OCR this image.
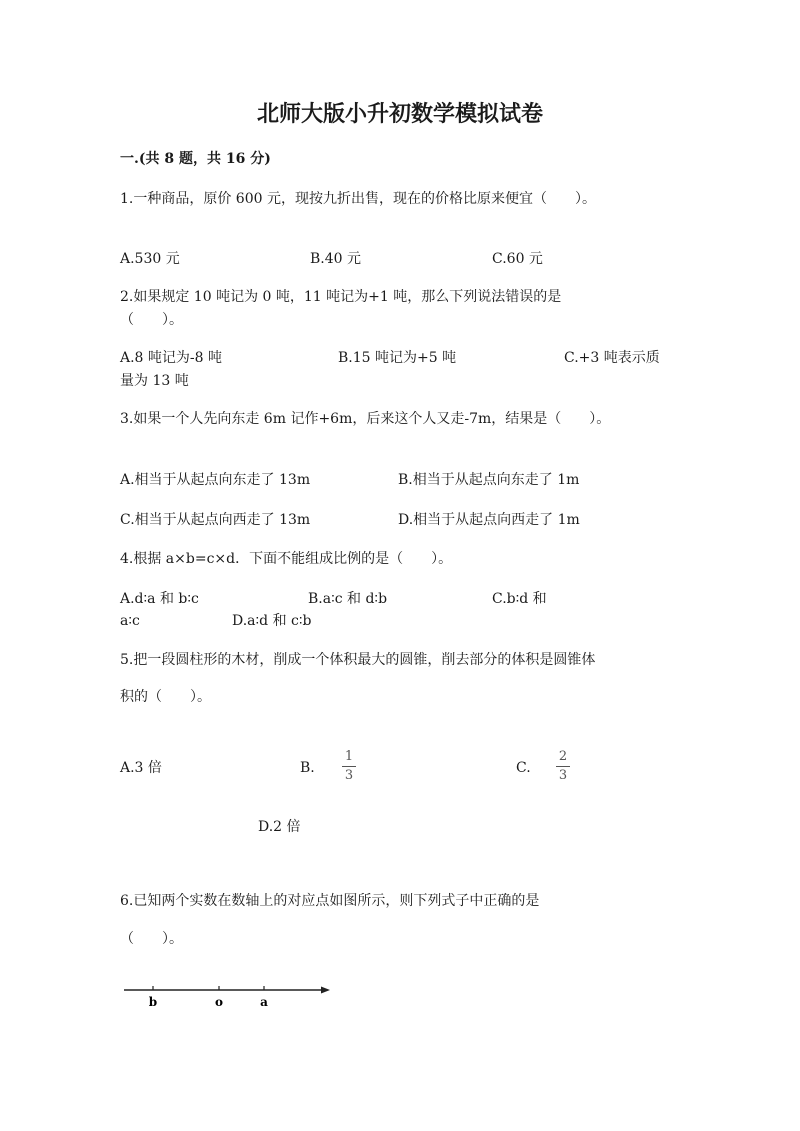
北师大版小升初数学模拟试卷
一.(共 8 题，共 16 分)
1.一种商品，原价 600 元，现按九折出售，现在的价格比原来便宜（　　）。
A.530 元	B.40 元	C.60 元
2.如果规定 10 吨记为 0 吨，11 吨记为+1 吨，那么下列说法错误的是
（　　）。
A.8 吨记为-8 吨	B.15 吨记为+5 吨	C.+3 吨表示质
量为 13 吨
3.如果一个人先向东走 6m 记作+6m，后来这个人又走-7m，结果是（　　）。
A.相当于从起点向东走了 13m	B.相当于从起点向东走了 1m
C.相当于从起点向西走了 13m	D.相当于从起点向西走了 1m
4.根据 a×b=c×d．下面不能组成比例的是（　　）。
A.d∶a 和 b∶c	B.a∶c 和 d∶b	C.b∶d 和
a∶c	D.a∶d 和 c∶b
5.把一段圆柱形的木材，削成一个体积最大的圆锥，削去部分的体积是圆锥体
积的（　　）。
A.3 倍	B.
1
3	C.
2
3
D.2 倍
6.已知两个实数在数轴上的对应点如图所示，则下列式子中正确的是
（　　）。
b	o	a
